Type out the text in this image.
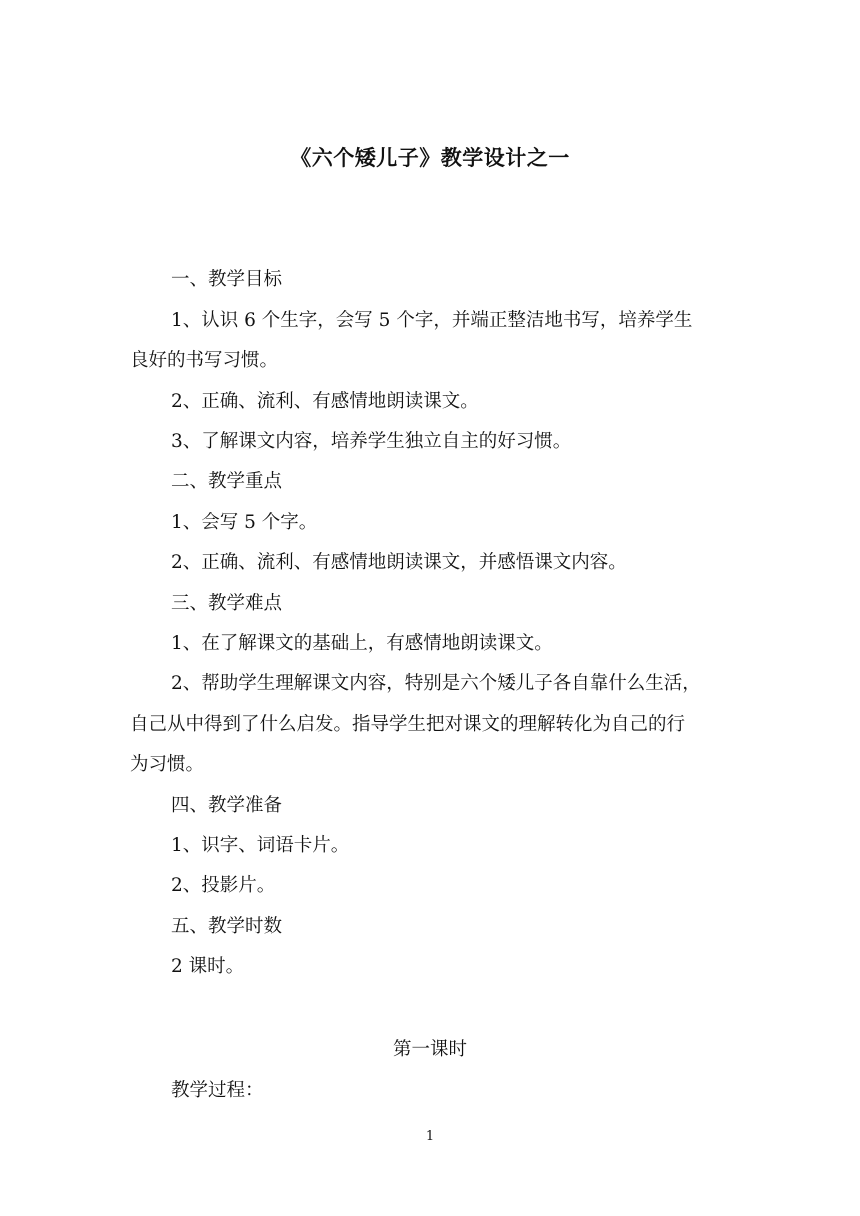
《六个矮儿子》教学设计之一
一、教学目标
1、认识 6 个生字，会写 5 个字，并端正整洁地书写，培养学生
良好的书写习惯。
2、正确、流利、有感情地朗读课文。
3、了解课文内容，培养学生独立自主的好习惯。
二、教学重点
1、会写 5 个字。
2、正确、流利、有感情地朗读课文，并感悟课文内容。
三、教学难点
1、在了解课文的基础上，有感情地朗读课文。
2、帮助学生理解课文内容，特别是六个矮儿子各自靠什么生活，
自己从中得到了什么启发。指导学生把对课文的理解转化为自己的行
为习惯。
四、教学准备
1、识字、词语卡片。
2、投影片。
五、教学时数
2 课时。
第一课时
教学过程：
1
